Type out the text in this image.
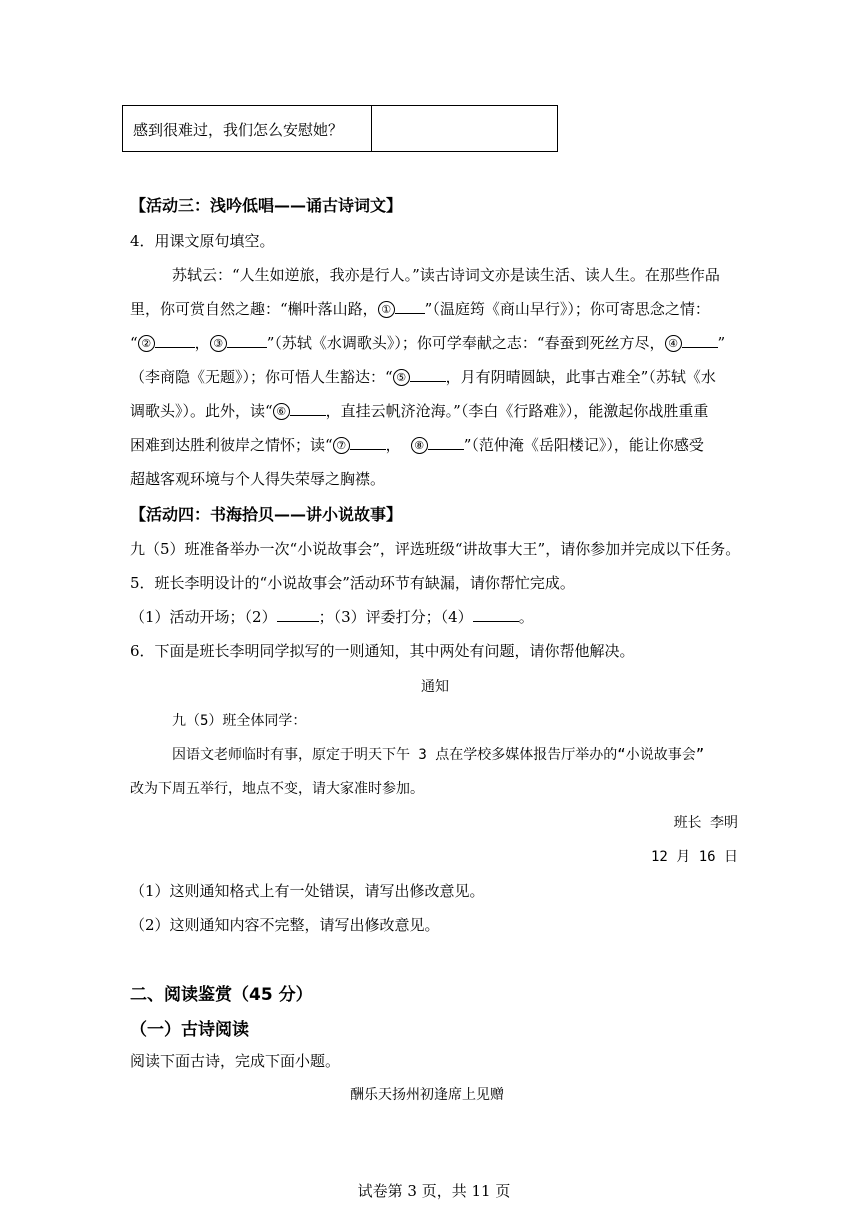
感到很难过，我们怎么安慰她？
【活动三：浅吟低唱——诵古诗词文】
4．用课文原句填空。
苏轼云：“人生如逆旅，我亦是行人。”读古诗词文亦是读生活、读人生。在那些作品
里，你可赏自然之趣：“槲叶落山路， ① ”（温庭筠《商山早行》）；你可寄思念之情：
“ ②	， ③	”（苏轼《水调歌头》）；你可学奉献之志：“春蚕到死丝方尽， ④	”
（李商隐《无题》）；你可悟人生豁达：“ ⑤	，月有阴晴圆缺，此事古难全”（苏轼《水
调歌头》）。此外，读“ ⑥	，直挂云帆济沧海。”（李白《行路难》），能激起你战胜重重
困难到达胜利彼岸之情怀；读“ ⑦	， ⑧	”（范仲淹《岳阳楼记》），能让你感受
超越客观环境与个人得失荣辱之胸襟。
【活动四：书海拾贝——讲小说故事】
九（5）班准备举办一次“小说故事会”，评选班级“讲故事大王”，请你参加并完成以下任务。
5．班长李明设计的“小说故事会”活动环节有缺漏，请你帮忙完成。
（1）活动开场；（2）	；（3）评委打分；（4）	。
6．下面是班长李明同学拟写的一则通知，其中两处有问题，请你帮他解决。
通知
九（5）班全体同学：
因语文老师临时有事，原定于明天下午 3 点在学校多媒体报告厅举办的“小说故事会”
改为下周五举行，地点不变，请大家准时参加。
班长 李明
12 月 16 日
（1）这则通知格式上有一处错误，请写出修改意见。
（2）这则通知内容不完整，请写出修改意见。
二、阅读鉴赏（45 分）
（一）古诗阅读
阅读下面古诗，完成下面小题。
酬乐天扬州初逢席上见赠
试卷第 3 页，共 11 页
